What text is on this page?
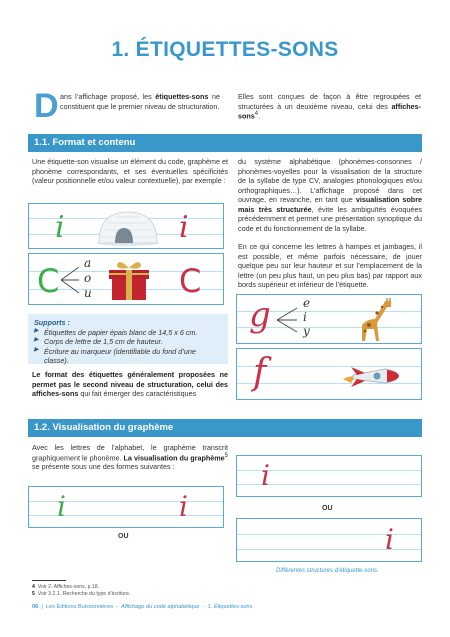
1. ÉTIQUETTES-SONS
D ans l’affichage proposé, les étiquettes-sons ne constituent que le premier niveau de structuration.
Elles sont conçues de façon à être regroupées et structurées à un deuxième niveau, celui des affiches-sons$^4$.
1.1. Format et contenu
Une étiquette-son visualise un élément du code, graphème et phonème correspondants, et ses éventuelles spécificités (valeur positionnelle et/ou valeur contextuelle), par exemple :
i	i
C a
o
u	C
Supports :
▶ Étiquettes de papier épais blanc de 14,5 x 6 cm.
▶ Corps de lettre de 1,5 cm de hauteur.
▶ Écriture au marqueur (identifiable du fond d’une classe).
Le format des étiquettes généralement proposées ne permet pas le second niveau de structuration, celui des affiches-sons qui fait émerger des caractéristiques
du système alphabétique (phonèmes-consonnes / phonèmes-voyelles pour la visualisation de la structure de la syllabe de type CV, analogies phonologiques et/ou orthographiques…). L’affichage proposé dans cet ouvrage, en revanche, en tant que visualisation sobre mais très structurée, évite les ambiguïtés évoquées précédemment et permet une présentation synoptique du code et du fonctionnement de la syllabe.
En ce qui concerne les lettres à hampes et jambages, il est possible, et même parfois nécessaire, de jouer quelque peu sur leur hauteur et sur l’emplacement de la lettre (un peu plus haut, un peu plus bas) par rapport aux bords supérieur et inférieur de l’étiquette.
g	e
i
y
f
1.2. Visualisation du graphème
Avec les lettres de l’alphabet, le graphème transcrit graphiquement le phonème. La visualisation du graphème$^5$ se présente sous une des formes suivantes :
i	i
OU
i
OU
i
Différentes structures d’étiquette-sons.
4 Voir 2. Affiches-sons, p.18.
5 Voir 3.2.1. Recherche du type d’écriture.
06  |  Les Éditions Buissonnières  -  Affichage du code alphabétique  -  1. Étiquettes-sons
